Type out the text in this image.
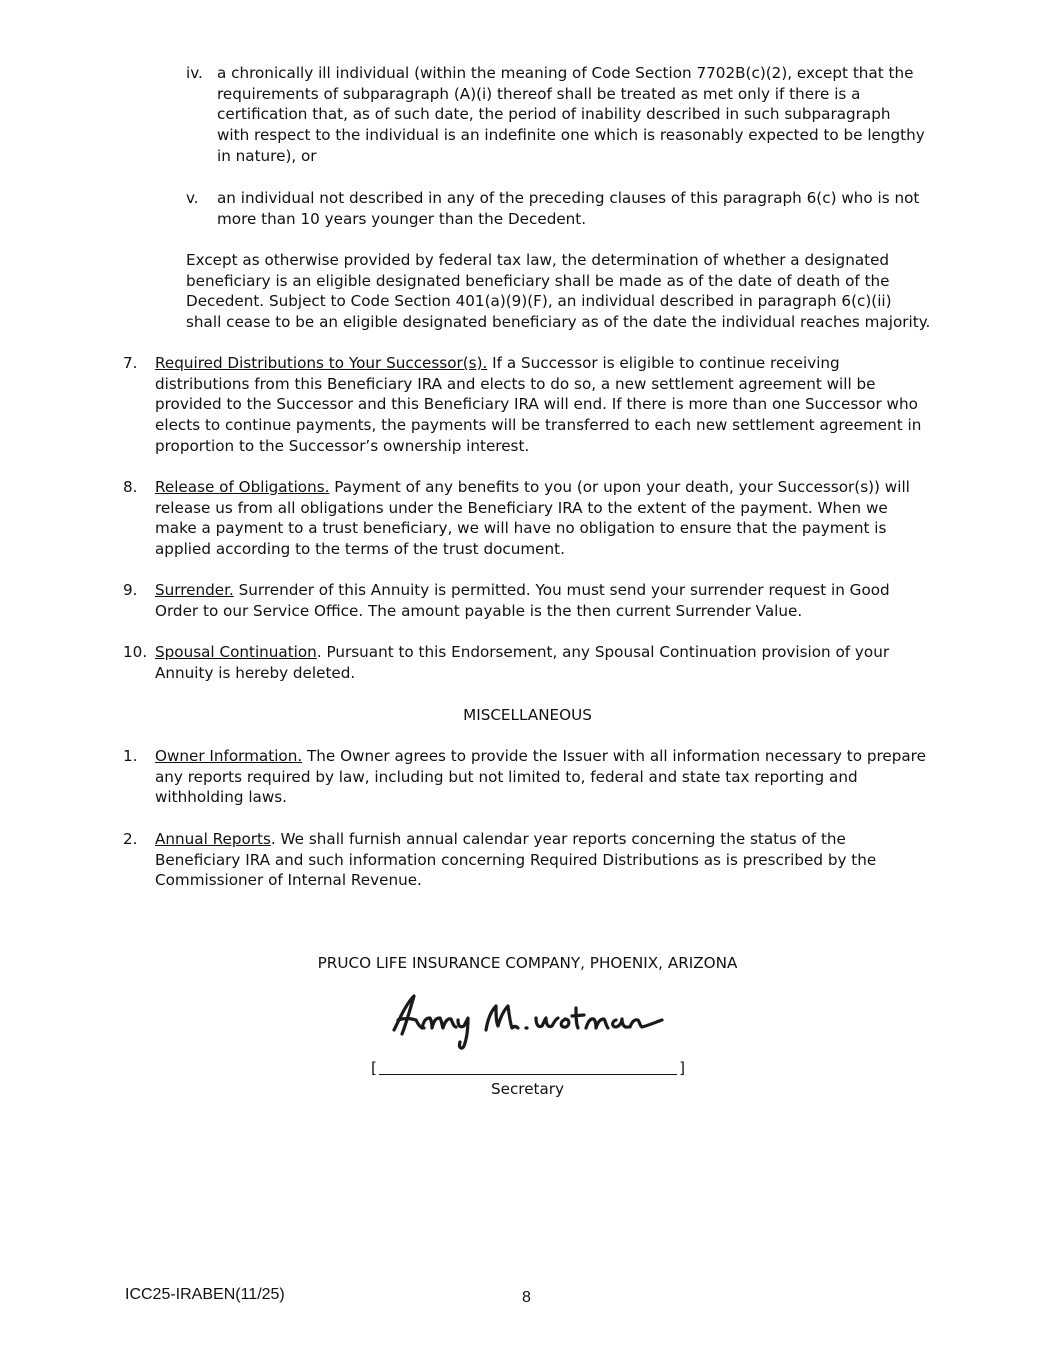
iv. a chronically ill individual (within the meaning of Code Section 7702B(c)(2), except that the requirements of subparagraph (A)(i) thereof shall be treated as met only if there is a certification that, as of such date, the period of inability described in such subparagraph with respect to the individual is an indefinite one which is reasonably expected to be lengthy in nature), or
v. an individual not described in any of the preceding clauses of this paragraph 6(c) who is not more than 10 years younger than the Decedent.

Except as otherwise provided by federal tax law, the determination of whether a designated beneficiary is an eligible designated beneficiary shall be made as of the date of death of the Decedent. Subject to Code Section 401(a)(9)(F), an individual described in paragraph 6(c)(ii) shall cease to be an eligible designated beneficiary as of the date the individual reaches majority.

7. Required Distributions to Your Successor(s). If a Successor is eligible to continue receiving distributions from this Beneficiary IRA and elects to do so, a new settlement agreement will be provided to the Successor and this Beneficiary IRA will end. If there is more than one Successor who elects to continue payments, the payments will be transferred to each new settlement agreement in proportion to the Successor’s ownership interest.
8. Release of Obligations. Payment of any benefits to you (or upon your death, your Successor(s)) will release us from all obligations under the Beneficiary IRA to the extent of the payment. When we make a payment to a trust beneficiary, we will have no obligation to ensure that the payment is applied according to the terms of the trust document.
9. Surrender. Surrender of this Annuity is permitted. You must send your surrender request in Good Order to our Service Office. The amount payable is the then current Surrender Value.
10. Spousal Continuation. Pursuant to this Endorsement, any Spousal Continuation provision of your Annuity is hereby deleted.
MISCELLANEOUS
1. Owner Information. The Owner agrees to provide the Issuer with all information necessary to prepare any reports required by law, including but not limited to, federal and state tax reporting and withholding laws.
2. Annual Reports. We shall furnish annual calendar year reports concerning the status of the Beneficiary IRA and such information concerning Required Distributions as is prescribed by the Commissioner of Internal Revenue.
PRUCO LIFE INSURANCE COMPANY, PHOENIX, ARIZONA
[	]
Secretary
ICC25-IRABEN(11/25)	8
